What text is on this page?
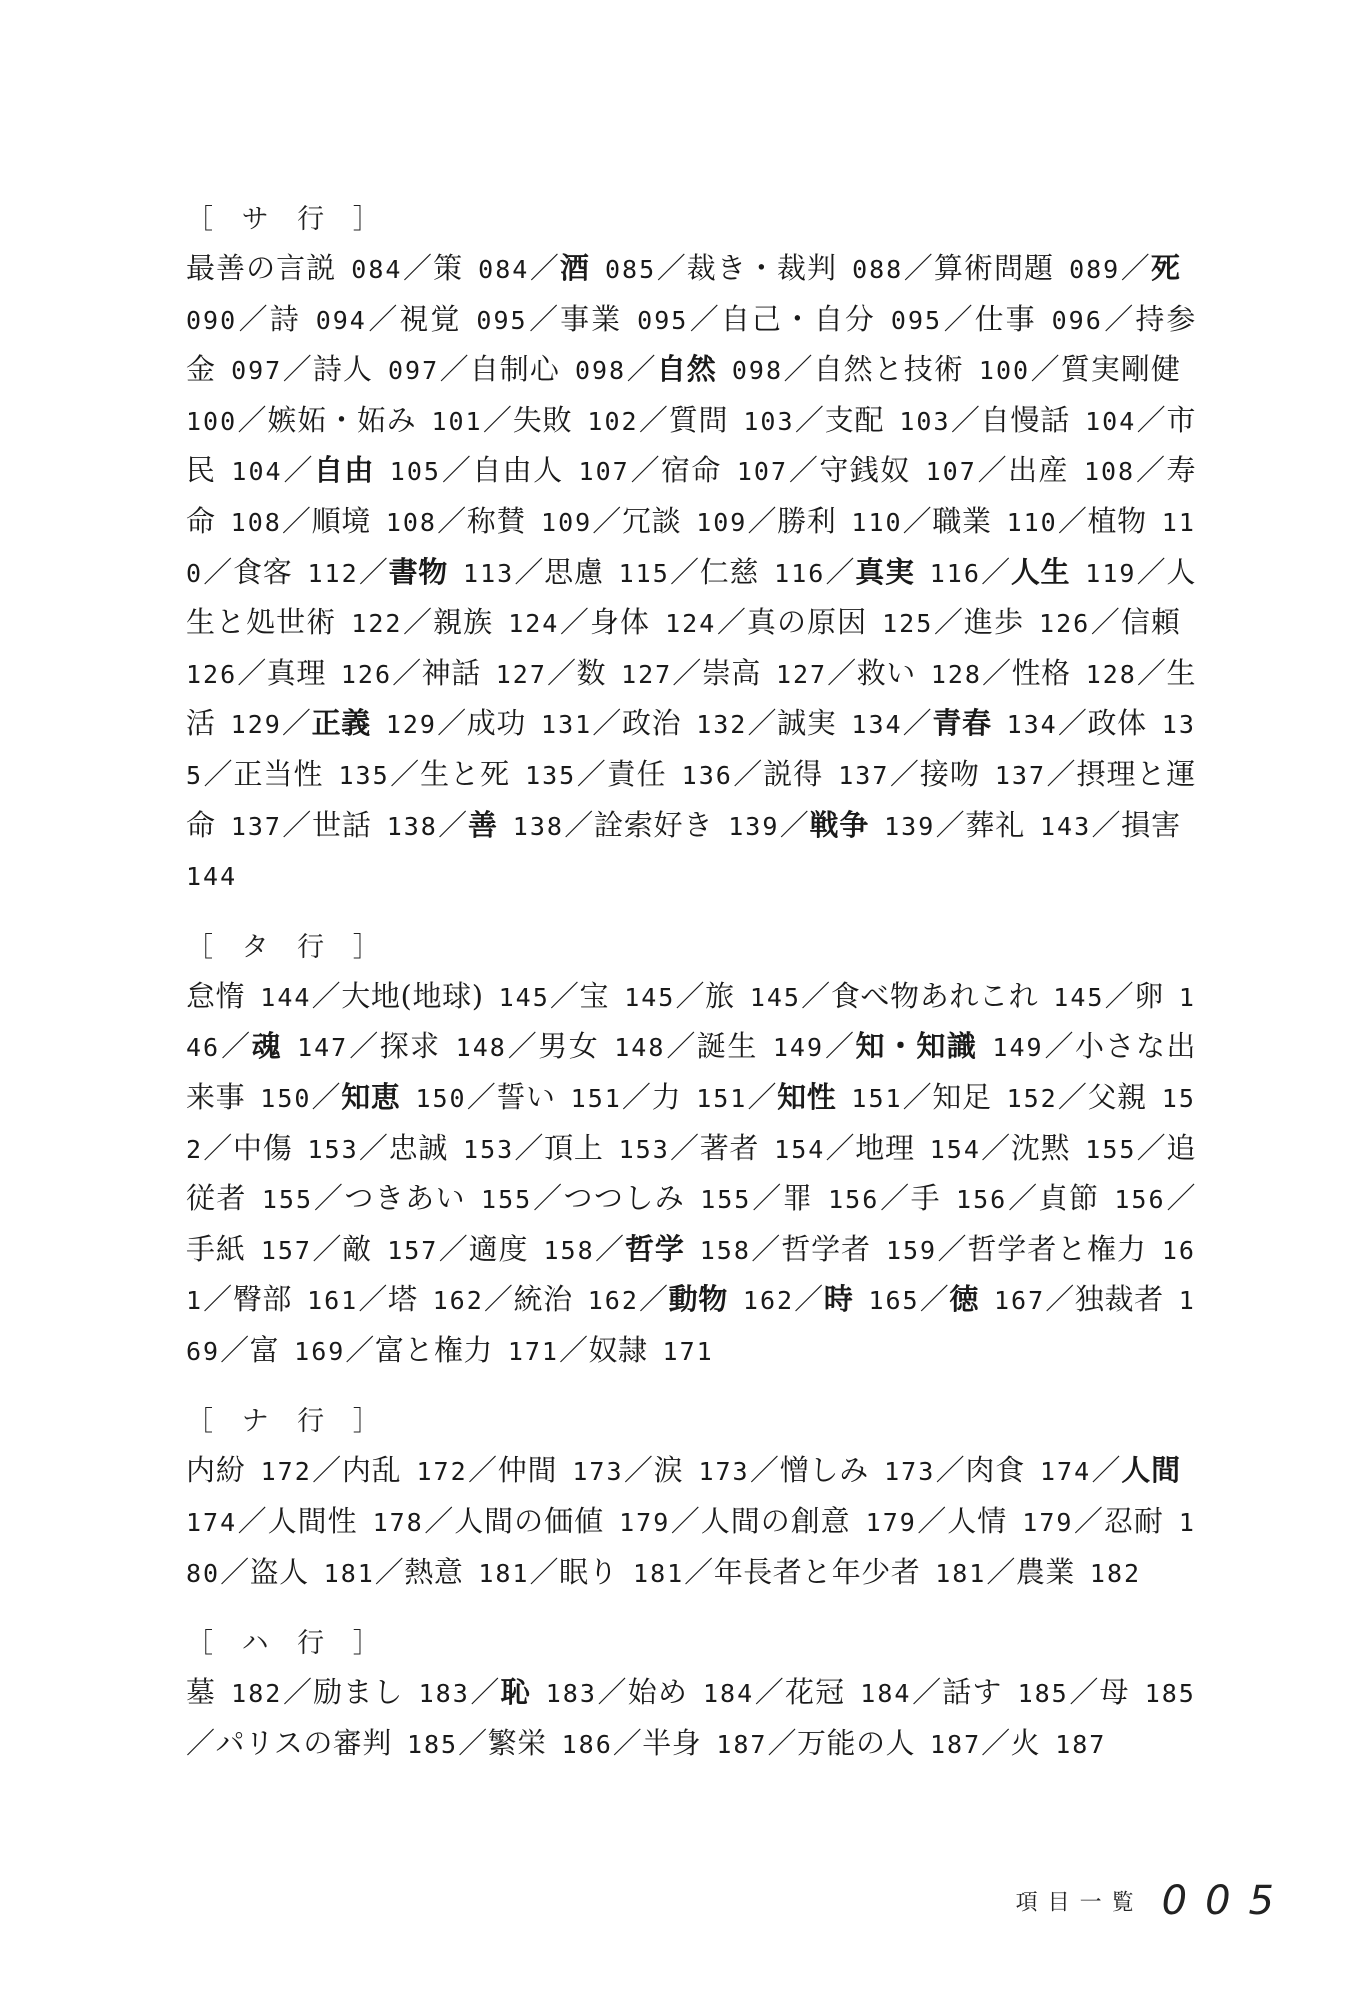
［ サ 行 ］
最善の言説  084／策  084／酒  085／裁き・裁判  088／算術問題  089／死 090／詩  094／視覚  095／事業  095／自己・自分  095／仕事  096／持参金  097／詩人  097／自制心  098／自然  098／自然と技術  100／質実剛健 100／嫉妬・妬み  101／失敗  102／質問  103／支配  103／自慢話  104／市民  104／自由  105／自由人  107／宿命  107／守銭奴  107／出産  108／寿命  108／順境  108／称賛  109／冗談  109／勝利  110／職業  110／植物  110／食客  112／書物  113／思慮  115／仁慈  116／真実  116／人生  119／人生と処世術  122／親族  124／身体  124／真の原因  125／進歩  126／信頼 126／真理  126／神話  127／数  127／崇高  127／救い  128／性格  128／生活  129／正義  129／成功  131／政治  132／誠実  134／青春  134／政体  135／正当性  135／生と死  135／責任  136／説得  137／接吻  137／摂理と運命  137／世話  138／善  138／詮索好き  139／戦争  139／葬礼  143／損害 144
［ タ 行 ］
怠惰  144／大地(地球)  145／宝  145／旅  145／食べ物あれこれ  145／卵  146／魂  147／探求  148／男女  148／誕生  149／知・知識  149／小さな出来事  150／知恵  150／誓い  151／力  151／知性  151／知足  152／父親  152／中傷  153／忠誠  153／頂上  153／著者  154／地理  154／沈黙  155／追従者  155／つきあい  155／つつしみ  155／罪  156／手  156／貞節  156／手紙  157／敵  157／適度  158／哲学  158／哲学者  159／哲学者と権力  161／臀部  161／塔  162／統治  162／動物  162／時  165／徳  167／独裁者  169／富  169／富と権力  171／奴隷  171
［ ナ 行 ］
内紛  172／内乱  172／仲間  173／涙  173／憎しみ  173／肉食  174／人間 174／人間性  178／人間の価値  179／人間の創意  179／人情  179／忍耐  180／盗人  181／熱意  181／眠り  181／年長者と年少者  181／農業  182
［ ハ 行 ］
墓  182／励まし  183／恥  183／始め  184／花冠  184／話す  185／母  185／パリスの審判  185／繁栄  186／半身  187／万能の人  187／火  187
項目一覧 005
